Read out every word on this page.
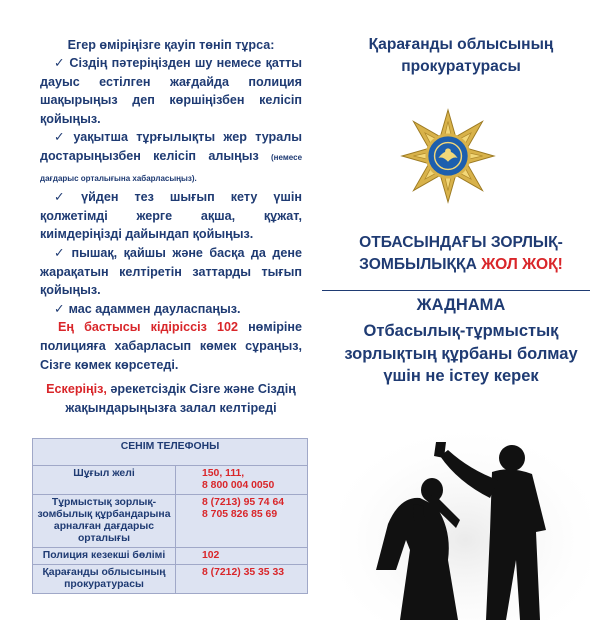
Егер өміріңізге қауіп төніп тұрса:

✓ Сіздің пәтеріңізден шу немесе қатты дауыс естілген жағдайда полиция шақырыңыз деп көршіңізбен келісіп қойыңыз.

✓ уақытша тұрғылықты жер туралы достарыңызбен келісіп алыңыз (немесе дағдарыс орталығына хабарласыңыз).

✓ үйден тез шығып кету үшін қолжетімді жерге ақша, құжат, киімдеріңізді дайындап қойыңыз.

✓ пышақ, қайшы және басқа да дене жарақатын келтіретін заттарды тығып қойыңыз.

✓ мас адаммен дауласпаңыз.

Ең бастысы кідіріссіз 102 нөміріне полицияға хабарласып көмек сұраңыз, Сізге көмек көрсетеді.

Ескеріңіз, әрекетсіздік Сізге және Сіздің жақындарыңызға залал келтіреді

СЕНІМ ТЕЛЕФОНЫ	
Шұғыл желі	150, 111,
8 800 004 0050
Тұрмыстық зорлық-зомбылық құрбандарына арналған дағдарыс орталығы	8 (7213) 95 74 64
8 705 826 85 69
Полиция кезекші бөлімі	102
Қарағанды облысының прокуратурасы	8 (7212) 35 35 33

Қарағанды облысының
прокуратурасы

ОТБАСЫНДАҒЫ ЗОРЛЫҚ-
ЗОМБЫЛЫҚҚА ЖОЛ ЖОҚ!

ЖАДНАМА

Отбасылық-тұрмыстық
зорлықтың құрбаны болмау
үшін не істеу керек
